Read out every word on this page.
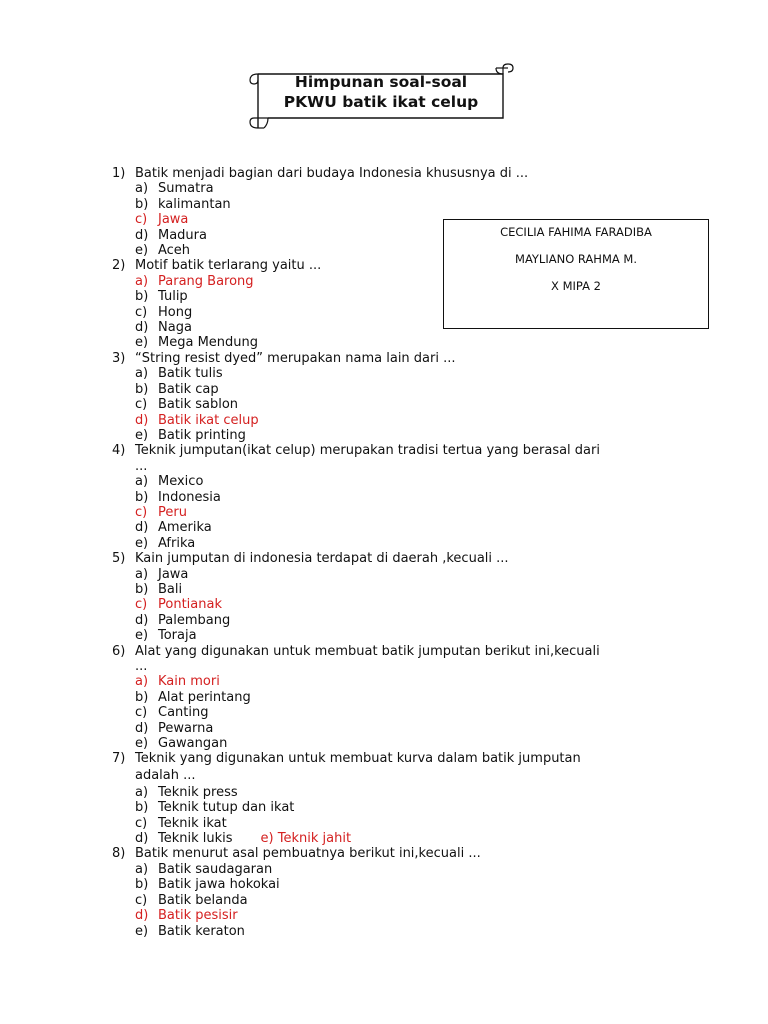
Himpunan soal-soal
PKWU batik ikat celup
CECILIA FAHIMA FARADIBA
MAYLIANO RAHMA M.
X MIPA 2
1) Batik menjadi bagian dari budaya Indonesia khususnya di ...
a) Sumatra
b) kalimantan
c) Jawa
d) Madura
e) Aceh
2) Motif batik terlarang yaitu ...
a) Parang Barong
b) Tulip
c) Hong
d) Naga
e) Mega Mendung
3) “String resist dyed” merupakan nama lain dari ...
a) Batik tulis
b) Batik cap
c) Batik sablon
d) Batik ikat celup
e) Batik printing
4) Teknik jumputan(ikat celup) merupakan tradisi tertua yang berasal dari
...
a) Mexico
b) Indonesia
c) Peru
d) Amerika
e) Afrika
5) Kain jumputan di indonesia terdapat di daerah ,kecuali ...
a) Jawa
b) Bali
c) Pontianak
d) Palembang
e) Toraja
6) Alat yang digunakan untuk membuat batik jumputan berikut ini,kecuali
...
a) Kain mori
b) Alat perintang
c) Canting
d) Pewarna
e) Gawangan
7) Teknik yang digunakan untuk membuat kurva dalam batik jumputan
adalah ...
a) Teknik press
b) Teknik tutup dan ikat
c) Teknik ikat
d) Teknik lukis e) Teknik jahit
8) Batik menurut asal pembuatnya berikut ini,kecuali ...
a) Batik saudagaran
b) Batik jawa hokokai
c) Batik belanda
d) Batik pesisir
e) Batik keraton
